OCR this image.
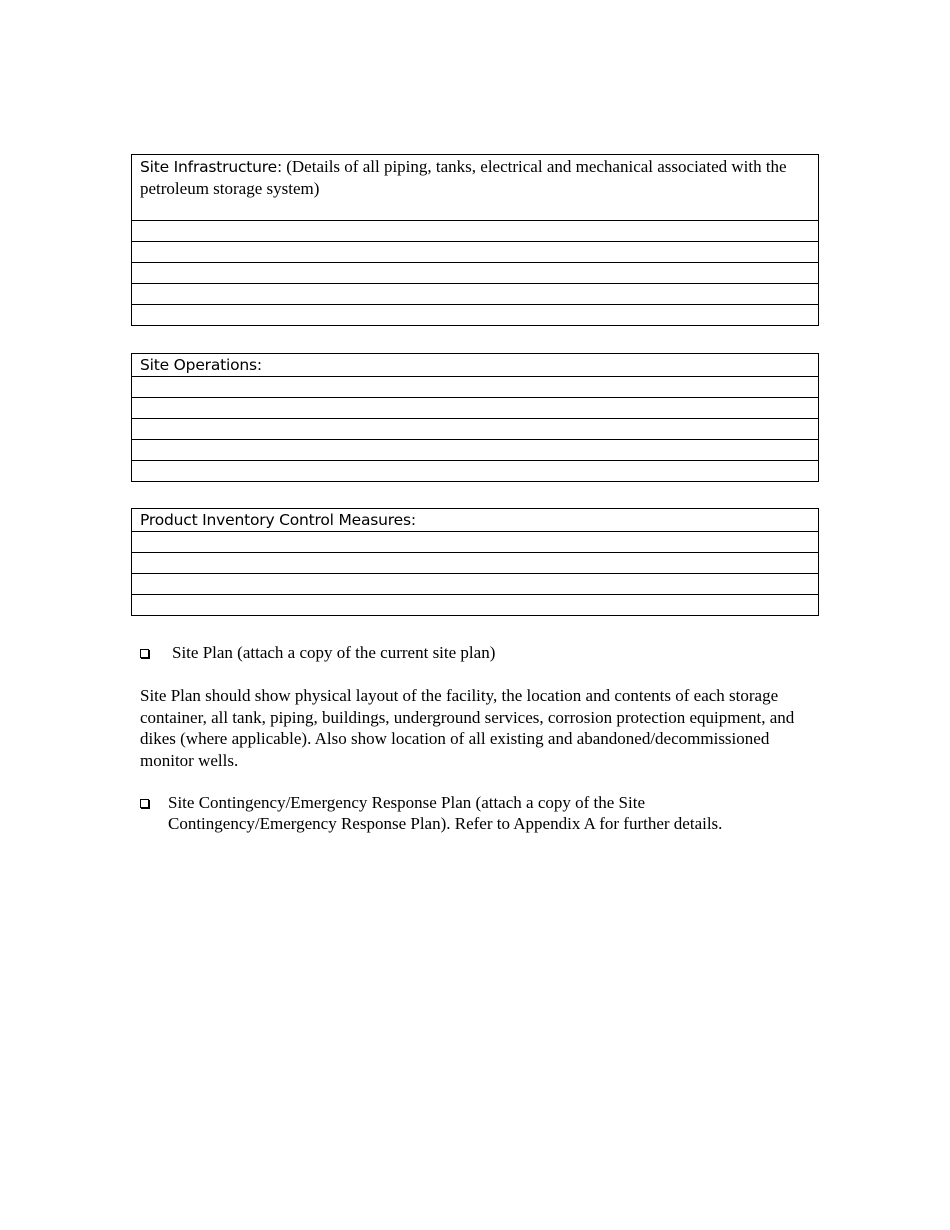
Site Infrastructure: (Details of all piping, tanks, electrical and mechanical associated with the petroleum storage system)

Site Operations:

Product Inventory Control Measures:

Site Plan (attach a copy of the current site plan)
Site Plan should show physical layout of the facility, the location and contents of each storage container, all tank, piping, buildings, underground services, corrosion protection equipment, and dikes (where applicable). Also show location of all existing and abandoned/decommissioned monitor wells.
Site Contingency/Emergency Response Plan (attach a copy of the Site
Contingency/Emergency Response Plan). Refer to Appendix A for further details.
